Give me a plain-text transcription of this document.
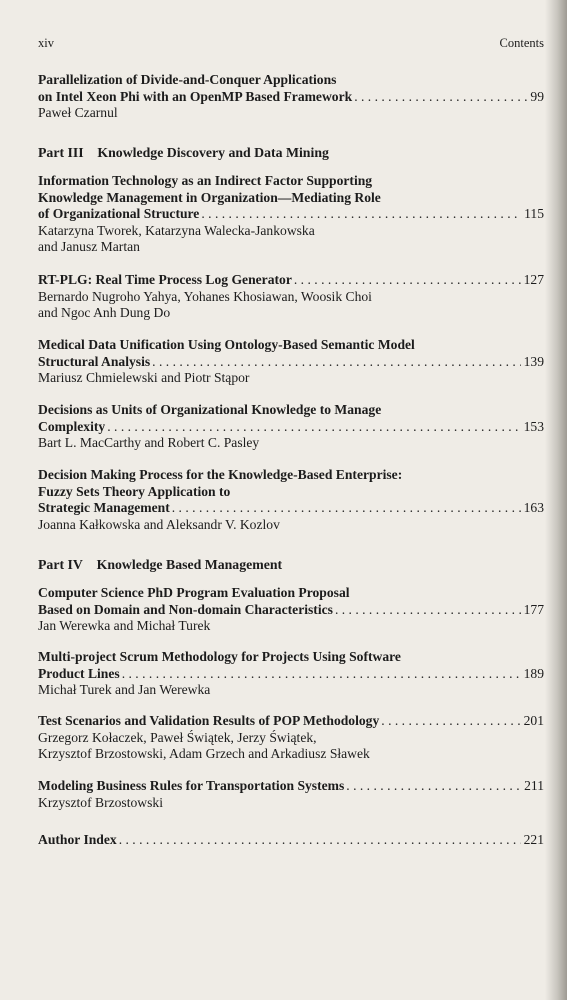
xiv	Contents
Parallelization of Divide-and-Conquer Applications
on Intel Xeon Phi with an OpenMP Based Framework . . .	99
Paweł Czarnul
Part III Knowledge Discovery and Data Mining
Information Technology as an Indirect Factor Supporting
Knowledge Management in Organization—Mediating Role
of Organizational Structure . . .	115
Katarzyna Tworek, Katarzyna Walecka-Jankowska
and Janusz Martan
RT-PLG: Real Time Process Log Generator . . .	127
Bernardo Nugroho Yahya, Yohanes Khosiawan, Woosik Choi
and Ngoc Anh Dung Do
Medical Data Unification Using Ontology-Based Semantic Model
Structural Analysis . . .	139
Mariusz Chmielewski and Piotr Stąpor
Decisions as Units of Organizational Knowledge to Manage
Complexity . . .	153
Bart L. MacCarthy and Robert C. Pasley
Decision Making Process for the Knowledge-Based Enterprise:
Fuzzy Sets Theory Application to
Strategic Management . . .	163
Joanna Kałkowska and Aleksandr V. Kozlov
Part IV Knowledge Based Management
Computer Science PhD Program Evaluation Proposal
Based on Domain and Non-domain Characteristics . . .	177
Jan Werewka and Michał Turek
Multi-project Scrum Methodology for Projects Using Software
Product Lines . . .	189
Michał Turek and Jan Werewka
Test Scenarios and Validation Results of POP Methodology . . .	201
Grzegorz Kołaczek, Paweł Świątek, Jerzy Świątek,
Krzysztof Brzostowski, Adam Grzech and Arkadiusz Sławek
Modeling Business Rules for Transportation Systems . . .	211
Krzysztof Brzostowski
Author Index . . .	221
